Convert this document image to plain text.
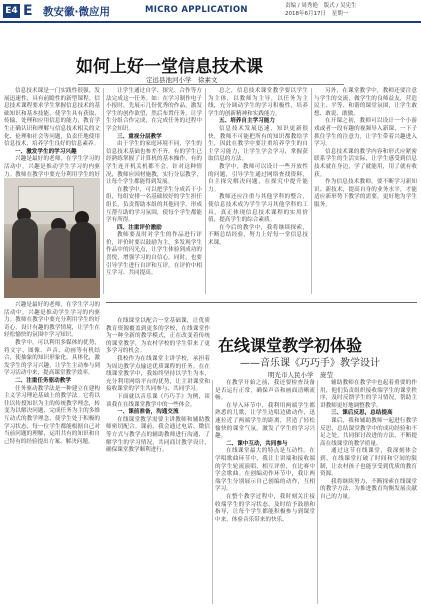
E4 E 教安徽·微应用	MICRO APPLICATION	责编 / 周秀艳 版式 / 吴宪生
2018年6月17日 星期一
如何上好一堂信息技术课
定远县池河小学　徐素文

信息技术课是一门实践性很强、发展迅速性、具有前瞻性的新型课程。信息技术课程要求学生掌握信息技术的基础知识和基本技能，使学生具有获取、传输、处理和应用信息的能力，教育学生正确认识和理解与信息技术相关的文化、伦理和社会等问题，负责任地使用信息技术，培养学生良好的信息素养。

一、激发学生的学习兴趣

兴趣是最好的老师，在学生学习的活动中，兴趣是推动学生学习的内驱力。教师在教学中要充分利用学生的好

让学生通过自学、探究、合作等方法完成这一任务。如：在学习制作电子小报时，先展示几份优秀的作品，激发学生的创作欲望，然后布置任务，让学生分组合作完成，在完成任务的过程中学会知识。

三、重视分层教学

由于学生的家庭环境不同，学生的信息技术基础也参差不齐。有的学生已经熟练掌握了计算机的基本操作，有的学生连开机关机都不会。针对这种情况，教师应因材施教，实行分层教学，让每个学生都能得到发展。

在教学中，可以把学生分成若干小组，每组安排一名基础较好的学生担任组长，负责帮助本组的其他同学，形成互帮互助的学习氛围，使每个学生都能学有所得。

四、注重评价激励

教师要及时对学生的作品进行评价，评价时要以鼓励为主，多发现学生作品中的闪光点，让学生体验到成功的喜悦，增强学习的自信心。同时，也要引导学生进行自评和互评，在评价中相互学习、共同提高。

总之，信息技术课堂教学要以学生为主体，以教师为主导，以任务为主线，充分调动学生的学习积极性，培养学生的创新精神和实践能力。

五、培养自主学习能力

信息技术发展迅速，知识更新很快，教师不可能把所有的知识都教给学生，因此在教学中要注重培养学生的自主学习能力，让学生学会学习，掌握获取信息的方法。

教学中，教师可以设计一些开放性的问题，引导学生通过网络查找资料，自主探究解决问题，在探究中提升能力。

教师还应注重与其他学科的整合，使信息技术成为学生学习其他学科的工具，真正体现信息技术课程的实用价值，提高学生的综合素质。

在今后的教学中，我将继续探索，不断总结经验，努力上好每一堂信息技术课。

另外，在课堂教学中，教师还要注意与学生的交流，做学生的良师益友，营造民主、平等、和谐的课堂氛围，让学生敢想、敢说、敢做。

在开课之初，教师可以设计一个小游戏或者一段有趣的视频导入新课，一下子抓住学生的注意力，让学生带着兴趣进入学习。

信息技术课的教学内容和形式应紧密联系学生的生活实际，让学生感受到信息技术就在身边，学了就能用，用了就有收获。

作为信息技术教师，要不断学习新知识、新技术，提高自身的业务水平，才能适应新形势下教学的需要，更好地为学生服务。

兴趣是最好的老师，在学生学习的活动中，兴趣是推动学生学习的内驱力。教师在教学中要充分利用学生的好奇心，设计有趣的教学情境，让学生在轻松愉快的氛围中学习知识。

教学中，可以利用多媒体的优势，将文字、图像、声音、动画等有机结合，使抽象的知识形象化、具体化，激发学生的学习兴趣，让学生主动参与到学习活动中来，提高课堂教学效率。

二、注重任务驱动教学

任务驱动教学法是一种建立在建构主义学习理论基础上的教学法。它将以往以传授知识为主的传统教学理念，转变为以解决问题、完成任务为主的多维互动式的教学理念，使学生处于积极的学习状态，每一位学生都能根据自己对当前问题的理解，运用共有的知识和自己特有的经验提出方案、解决问题。

在线课堂教学初体验
——音乐课《巧巧手》教学设计
明光市人民小学　庞莹

在线课堂以配合一堂基础课，让优质教育资源覆盖到更多的学校，在线课堂作为一种全新的教学模式，正在改变着传统的课堂教学，为农村学校的学生带来了更多学习的机会。

我校作为在线课堂主讲学校，承担着为周边教学点输送优质课程的任务。在在线课堂教学中，我始终坚持以学生为本，充分利用网络平台的优势，让主讲课堂和接收课堂的学生共同参与、共同学习。

下面就以音乐课《巧巧手》为例，谈谈我在在线课堂教学中的一些体会。

一、课前准备，沟通交流

在线课堂教学需要主讲教师和辅助教师密切配合。课前，我会通过电话、微信等方式与教学点的辅助教师进行沟通，了解学生的学习情况，共同商讨教学设计，确保课堂教学顺利进行。

在教学开始之前，我还要检查设备是否运行正常，确保声音和画面清晰流畅。

在导入环节中，我利用两端学生都熟悉的儿歌，让学生边唱边做动作，迅速拉近了两端学生的距离，营造了轻松愉快的课堂气氛，激发了学生的学习兴趣。

二、课中互动，共同参与

在线课堂最大的特点是互动性。在学唱歌曲环节中，我让主讲端和接收端的学生轮流演唱，相互评价，在比赛中学会歌曲。在创编动作环节中，我让两端学生分别展示自己创编的动作，互相学习。

在整个教学过程中，我时刻关注接收端学生的学习状态，及时给予鼓励和指导，让每个学生都能积极参与到课堂中来，体验音乐带来的快乐。

辅助教师在教学中也起着重要的作用，他们负责组织接收端学生的课堂秩序，及时反馈学生的学习情况，帮助主讲教师更好地调整教学。

三、课后反思，总结提高

课后，我和辅助教师一起进行教学反思，总结课堂教学中的成功经验和不足之处，共同探讨改进的方法，不断提高在线课堂的教学质量。

通过这节在线课堂，我深刻体会到，在线课堂打破了时间和空间的限制，让农村孩子也能享受到优质的教育资源。

我将继续努力，不断探索在线课堂的教学方法，为推进教育均衡发展贡献自己的力量。
